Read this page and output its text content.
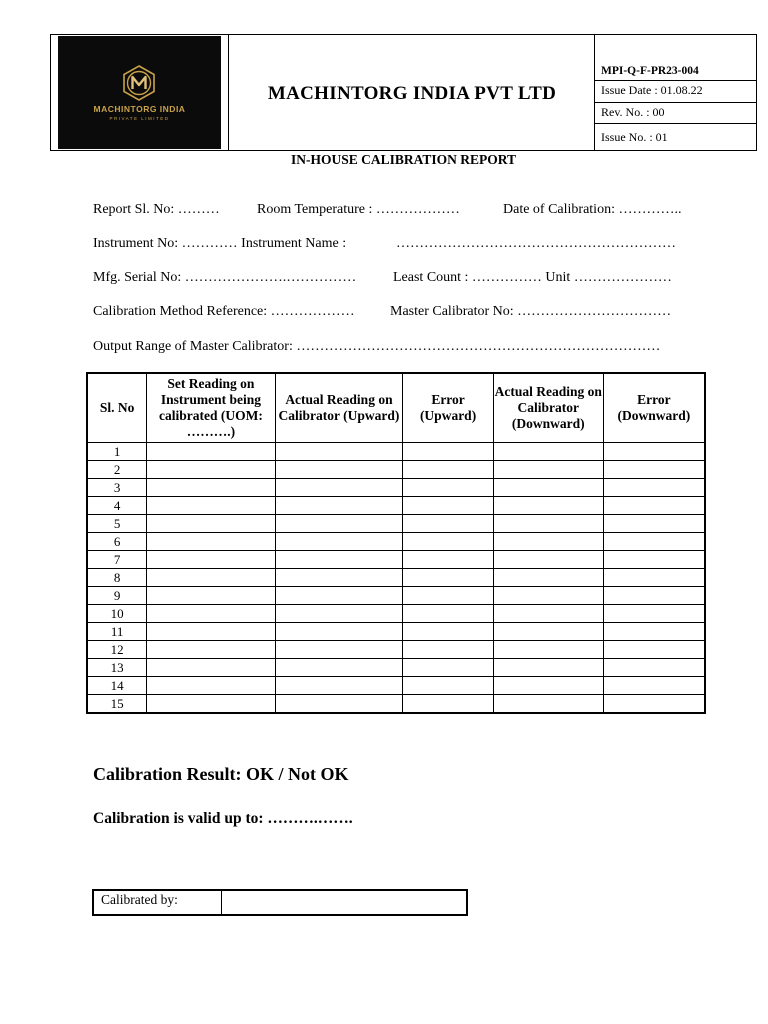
MACHINTORG INDIA
PRIVATE LIMITED
MACHINTORG INDIA PVT LTD
MPI-Q-F-PR23-004
Issue Date : 01.08.22
Rev. No. : 00
Issue No. : 01
IN-HOUSE CALIBRATION REPORT
Report Sl. No: ………	Room Temperature : ………………	Date of Calibration: …………..
Instrument No: ………… Instrument Name :	……………………………………………………
Mfg. Serial No: ………………….……………	Least Count : …………… Unit …………………
Calibration Method Reference: ………………	Master Calibrator No: ……………………………
Output Range of Master Calibrator: ……………………………………………………………………
Sl. No	Set Reading on Instrument being calibrated (UOM: ……….)	Actual Reading on Calibrator (Upward)	Error (Upward)	Actual Reading on Calibrator (Downward)	Error (Downward)
1					
2					
3					
4					
5					
6					
7					
8					
9					
10					
11					
12					
13					
14					
15					
Calibration Result: OK / Not OK
Calibration is valid up to: ……….…….
Calibrated by:
